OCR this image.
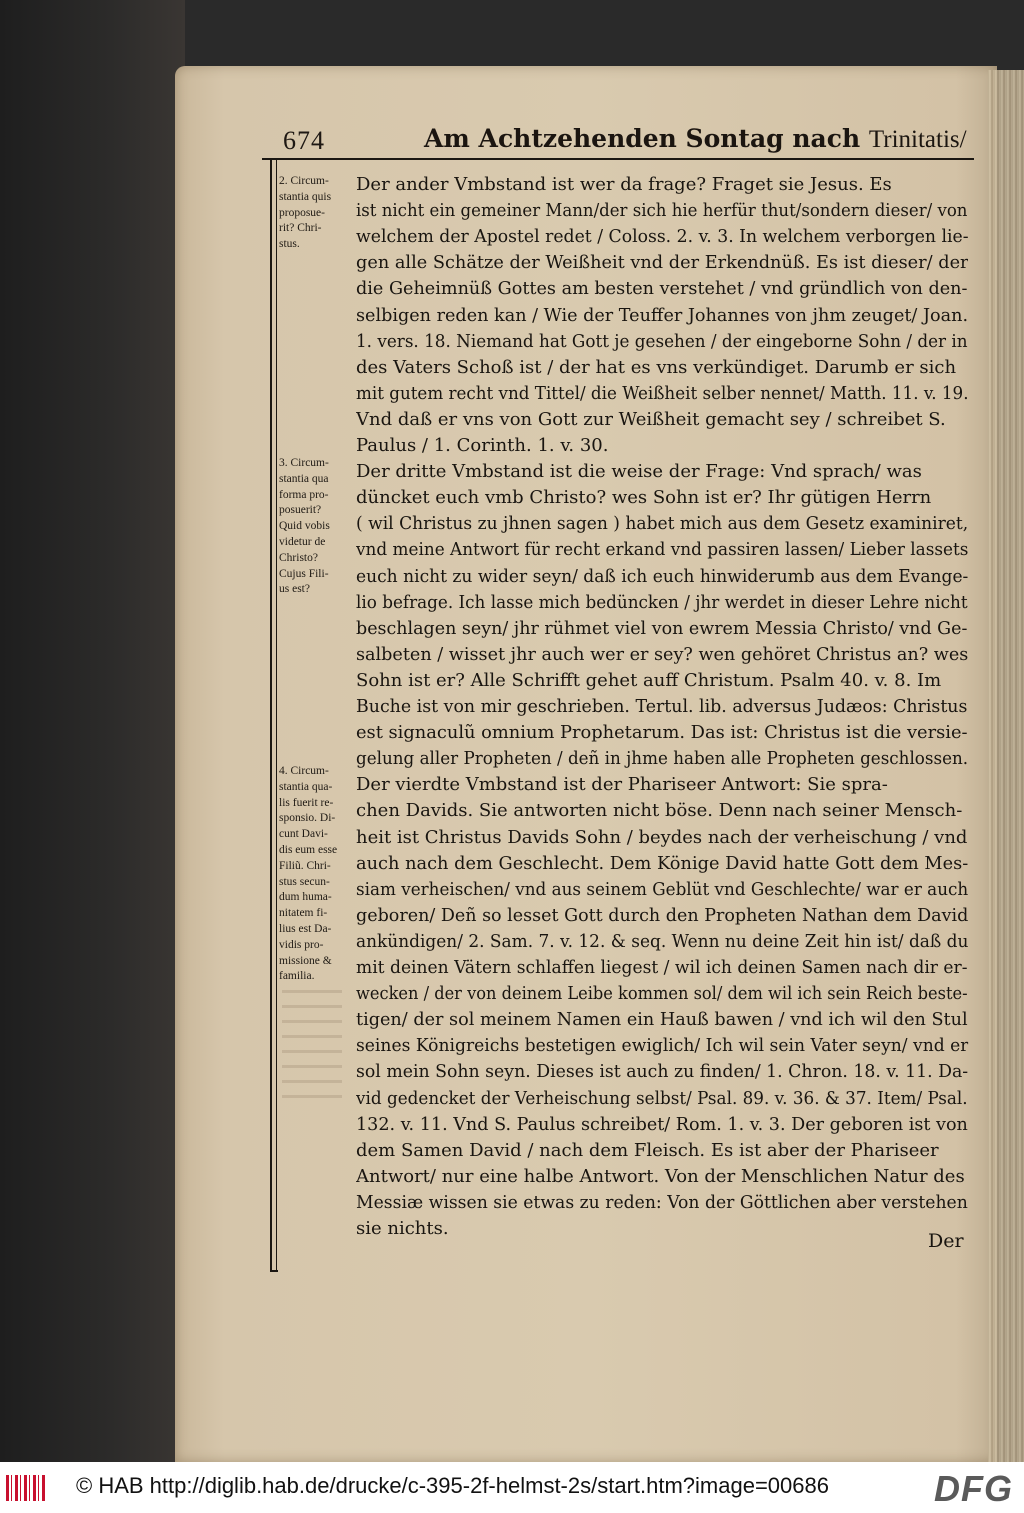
674	Am Achtzehenden Sontag nach Trinitatis/
2. Circum-
stantia quis
proposue-
rit? Chri-
stus.
3. Circum-
stantia qua
forma pro-
posuerit?
Quid vobis
videtur de
Christo?
Cujus Fili-
us est?
4. Circum-
stantia qua-
lis fuerit re-
sponsio. Di-
cunt Davi-
dis eum esse
Filiũ. Chri-
stus secun-
dum huma-
nitatem fi-
lius est Da-
vidis pro-
missione &
familia.
Der ander Vmbstand ist wer da frage? Fraget sie Jesus. Es
ist nicht ein gemeiner Mann/der sich hie herfür thut/sondern dieser/ von
welchem der Apostel redet / Coloss. 2. v. 3. In welchem verborgen lie-
gen alle Schätze der Weißheit vnd der Erkendnüß. Es ist dieser/ der
die Geheimnüß Gottes am besten verstehet / vnd gründlich von den-
selbigen reden kan / Wie der Teuffer Johannes von jhm zeuget/ Joan.
1. vers. 18. Niemand hat Gott je gesehen / der eingeborne Sohn / der in
des Vaters Schoß ist / der hat es vns verkündiget. Darumb er sich
mit gutem recht vnd Tittel/ die Weißheit selber nennet/ Matth. 11. v. 19.
Vnd daß er vns von Gott zur Weißheit gemacht sey / schreibet S.
Paulus / 1. Corinth. 1. v. 30.
Der dritte Vmbstand ist die weise der Frage: Vnd sprach/ was
düncket euch vmb Christo? wes Sohn ist er? Ihr gütigen Herrn
( wil Christus zu jhnen sagen ) habet mich aus dem Gesetz examiniret,
vnd meine Antwort für recht erkand vnd passiren lassen/ Lieber lassets
euch nicht zu wider seyn/ daß ich euch hinwiderumb aus dem Evange-
lio befrage. Ich lasse mich bedüncken / jhr werdet in dieser Lehre nicht
beschlagen seyn/ jhr rühmet viel von ewrem Messia Christo/ vnd Ge-
salbeten / wisset jhr auch wer er sey? wen gehöret Christus an? wes
Sohn ist er? Alle Schrifft gehet auff Christum. Psalm 40. v. 8. Im
Buche ist von mir geschrieben. Tertul. lib. adversus Judæos: Christus
est signaculũ omnium Prophetarum. Das ist: Christus ist die versie-
gelung aller Propheten / deñ in jhme haben alle Propheten geschlossen.
Der vierdte Vmbstand ist der Phariseer Antwort: Sie spra-
chen Davids. Sie antworten nicht böse. Denn nach seiner Mensch-
heit ist Christus Davids Sohn / beydes nach der verheischung / vnd
auch nach dem Geschlecht. Dem Könige David hatte Gott dem Mes-
siam verheischen/ vnd aus seinem Geblüt vnd Geschlechte/ war er auch
geboren/ Deñ so lesset Gott durch den Propheten Nathan dem David
ankündigen/ 2. Sam. 7. v. 12. & seq. Wenn nu deine Zeit hin ist/ daß du
mit deinen Vätern schlaffen liegest / wil ich deinen Samen nach dir er-
wecken / der von deinem Leibe kommen sol/ dem wil ich sein Reich beste-
tigen/ der sol meinem Namen ein Hauß bawen / vnd ich wil den Stul
seines Königreichs bestetigen ewiglich/ Ich wil sein Vater seyn/ vnd er
sol mein Sohn seyn. Dieses ist auch zu finden/ 1. Chron. 18. v. 11. Da-
vid gedencket der Verheischung selbst/ Psal. 89. v. 36. & 37. Item/ Psal.
132. v. 11. Vnd S. Paulus schreibet/ Rom. 1. v. 3. Der geboren ist von
dem Samen David / nach dem Fleisch. Es ist aber der Phariseer
Antwort/ nur eine halbe Antwort. Von der Menschlichen Natur des
Messiæ wissen sie etwas zu reden: Von der Göttlichen aber verstehen
sie nichts.
Der
© HAB http://diglib.hab.de/drucke/c-395-2f-helmst-2s/start.htm?image=00686	DFG
